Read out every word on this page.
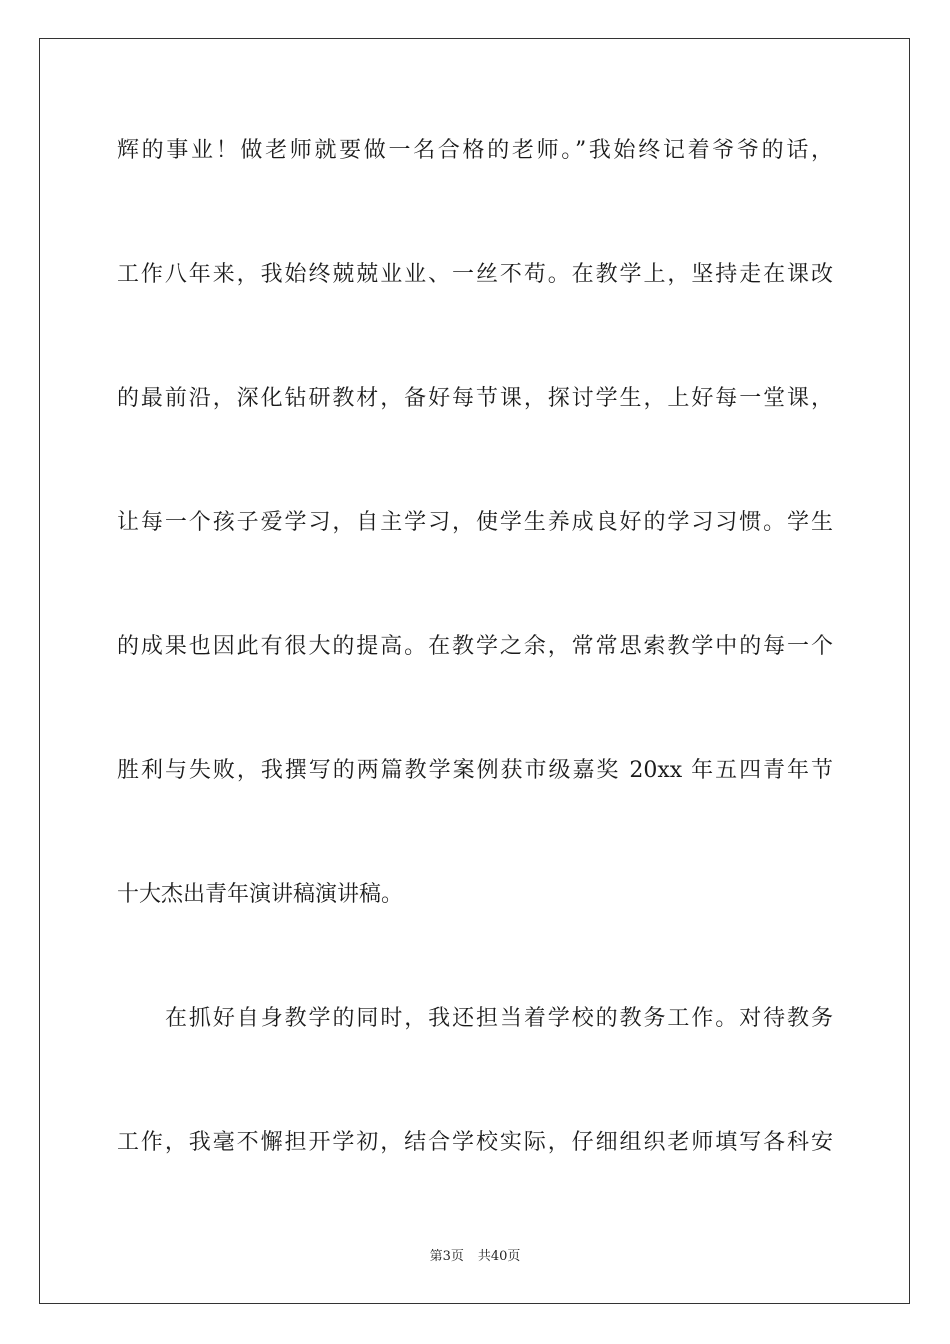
辉的事业！做老师就要做一名合格的老师。”我始终记着爷爷的话，
工作八年来，我始终兢兢业业、一丝不苟。在教学上，坚持走在课改
的最前沿，深化钻研教材，备好每节课，探讨学生，上好每一堂课，
让每一个孩子爱学习，自主学习，使学生养成良好的学习习惯。学生
的成果也因此有很大的提高。在教学之余，常常思索教学中的每一个
胜利与失败，我撰写的两篇教学案例获市级嘉奖 20xx 年五四青年节
十大杰出青年演讲稿演讲稿。
在抓好自身教学的同时，我还担当着学校的教务工作。对待教务
工作，我毫不懈担开学初，结合学校实际，仔细组织老师填写各科安
第3页 共40页
